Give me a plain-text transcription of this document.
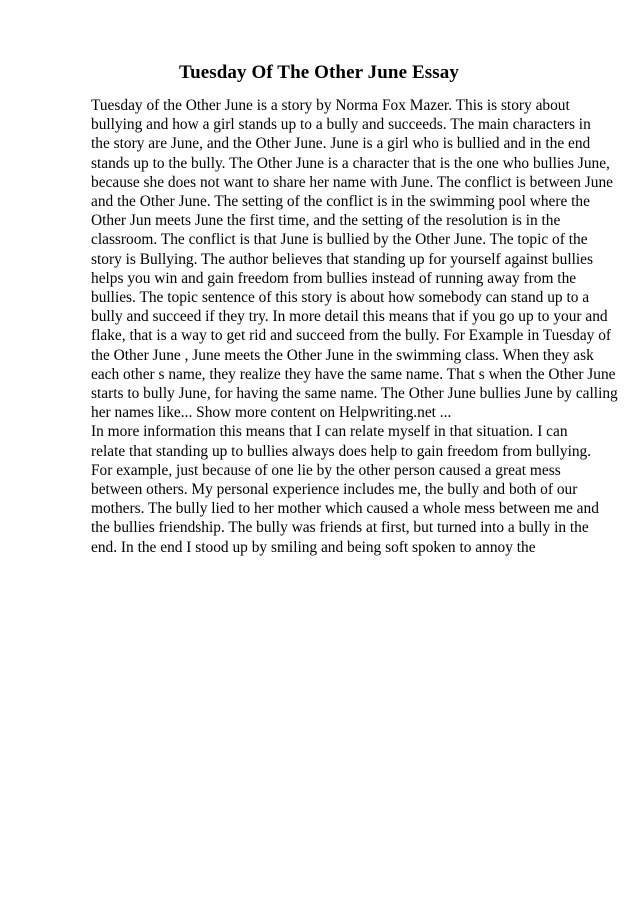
Tuesday Of The Other June Essay
Tuesday of the Other June is a story by Norma Fox Mazer. This is story about
bullying and how a girl stands up to a bully and succeeds. The main characters in
the story are June, and the Other June. June is a girl who is bullied and in the end
stands up to the bully. The Other June is a character that is the one who bullies June,
because she does not want to share her name with June. The conflict is between June
and the Other June. The setting of the conflict is in the swimming pool where the
Other Jun meets June the first time, and the setting of the resolution is in the
classroom. The conflict is that June is bullied by the Other June. The topic of the
story is Bullying. The author believes that standing up for yourself against bullies
helps you win and gain freedom from bullies instead of running away from the
bullies. The topic sentence of this story is about how somebody can stand up to a
bully and succeed if they try. In more detail this means that if you go up to your and
flake, that is a way to get rid and succeed from the bully. For Example in Tuesday of
the Other June , June meets the Other June in the swimming class. When they ask
each other s name, they realize they have the same name. That s when the Other June
starts to bully June, for having the same name. The Other June bullies June by calling
her names like... Show more content on Helpwriting.net ...
In more information this means that I can relate myself in that situation. I can
relate that standing up to bullies always does help to gain freedom from bullying.
For example, just because of one lie by the other person caused a great mess
between others. My personal experience includes me, the bully and both of our
mothers. The bully lied to her mother which caused a whole mess between me and
the bullies friendship. The bully was friends at first, but turned into a bully in the
end. In the end I stood up by smiling and being soft spoken to annoy the
